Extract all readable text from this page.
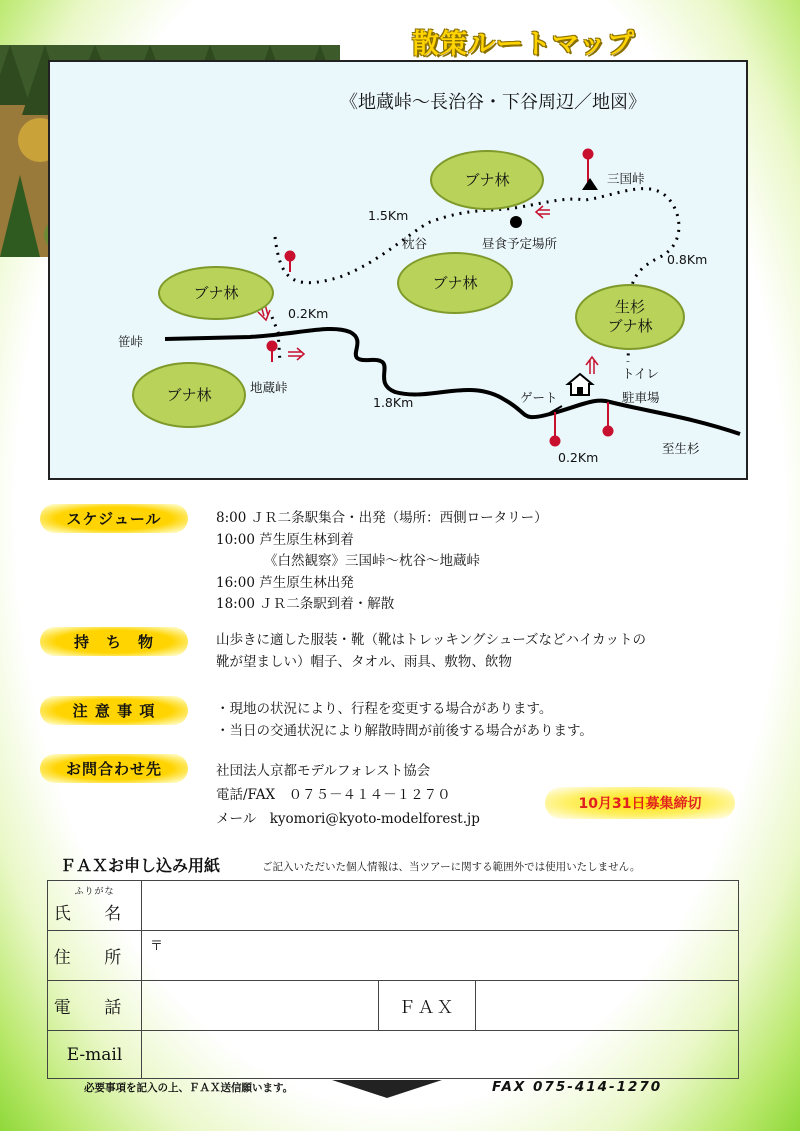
散策ルートマップ
《地蔵峠～長治谷・下谷周辺／地図》
ブナ林
ブナ林
ブナ林
ブナ林
生杉
ブナ林
三国峠
昼食予定場所
枕谷
1.5Km
0.8Km
0.2Km
1.8Km
0.2Km
笹峠
地蔵峠
ゲート
トイレ
駐車場
至生杉
スケジュール	8:00 ＪＲ二条駅集合・出発（場所：西側ロータリー）
10:00 芦生原生林到着
《白然観察》三国峠～枕谷～地蔵峠
16:00 芦生原生林出発
18:00 ＪＲ二条駅到着・解散
持　ち　物	山歩きに適した服装・靴（靴はトレッキングシューズなどハイカットの
靴が望ましい）帽子、タオル、雨具、敷物、飲物
注 意 事 項	・現地の状況により、行程を変更する場合があります。
・当日の交通状況により解散時間が前後する場合があります。
お問合わせ先	社団法人京都モデルフォレスト協会
電話/FAX　０７５－４１４－１２７０
メール　kyomori@kyoto-modelforest.jp
10月31日募集締切
ＦＡＸお申し込み用紙	ご記入いただいた個人情報は、当ツアーに関する範囲外では使用いたしません。
ふりがな
氏 名			

住 所	〒		
電 話		ＦＡＸ	
E-mail			
必要事項を記入の上、ＦＡＸ送信願います。	FAX 075-414-1270
